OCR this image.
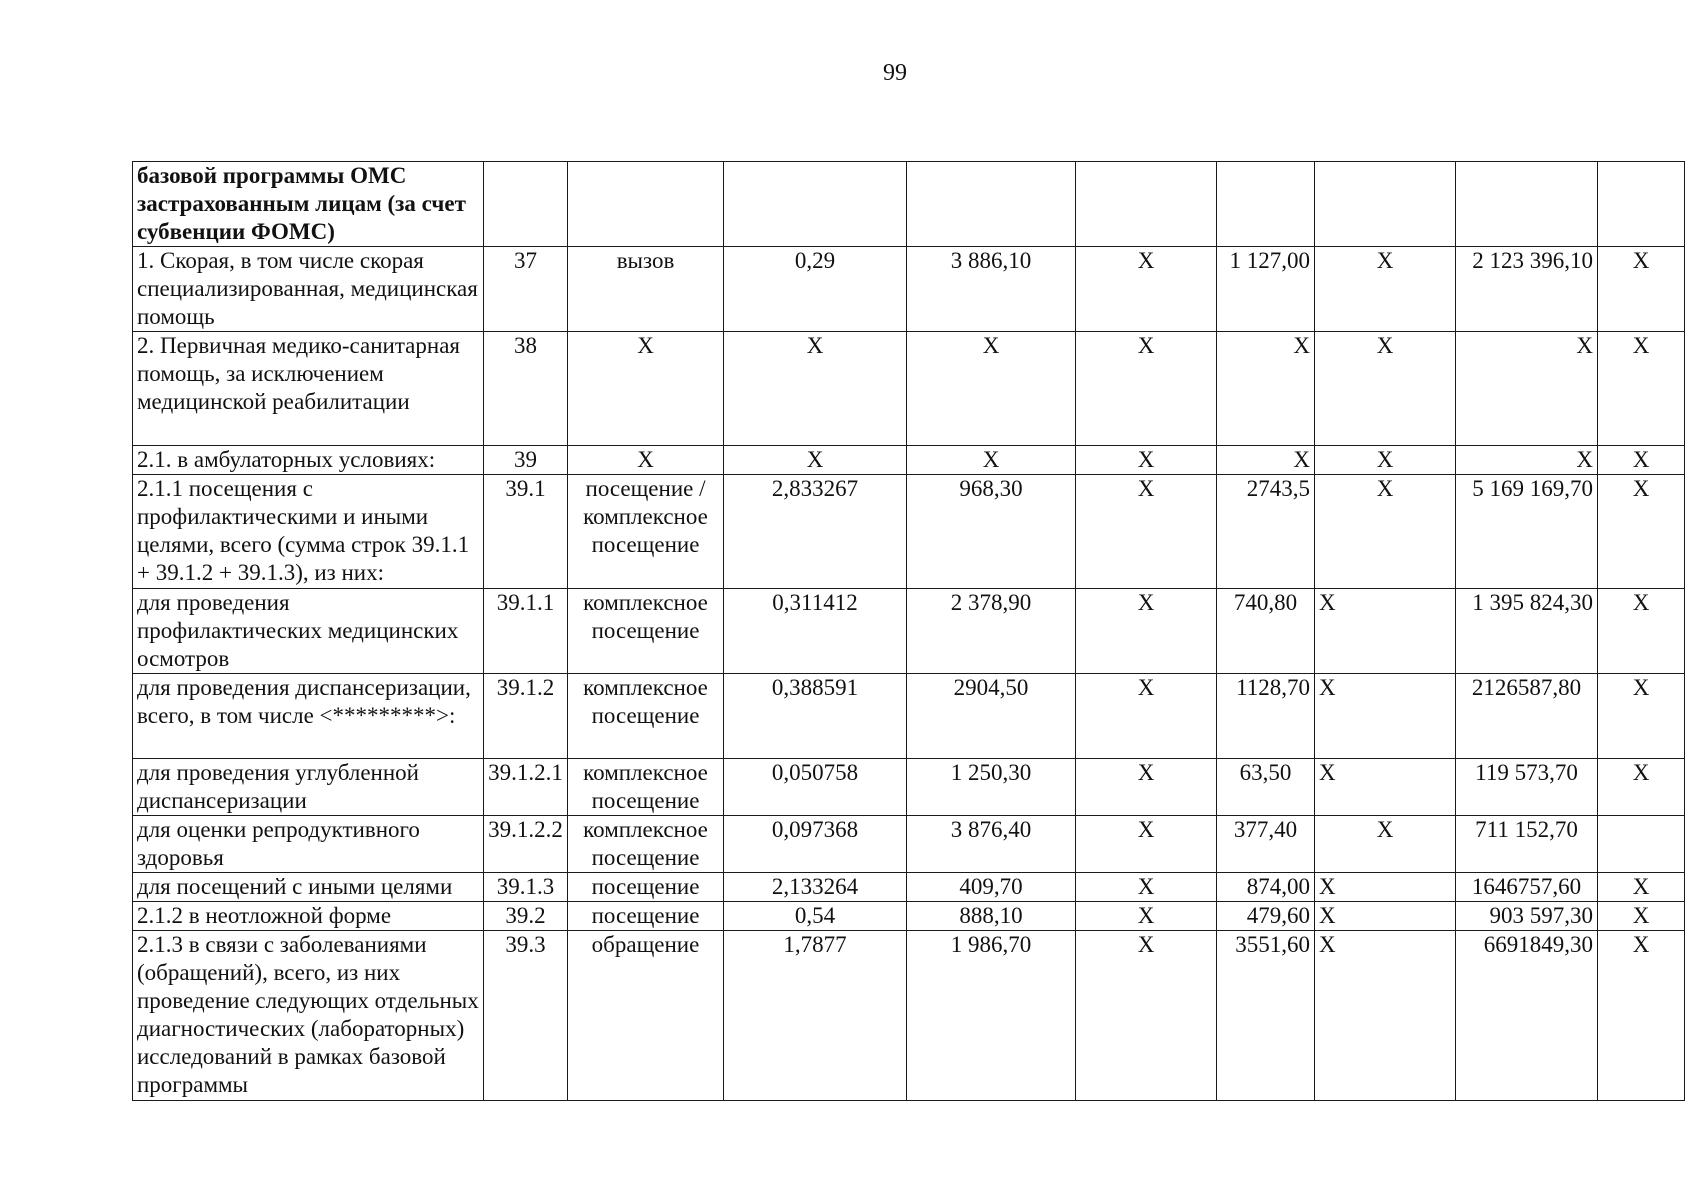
99
базовой программы ОМС застрахованным лицам (за счет субвенции ФОМС)									
1. Скорая, в том числе скорая специализированная, медицинская помощь	37	вызов	0,29	3 886,10	X	1 127,00	X	2 123 396,10	X
2. Первичная медико-санитарная помощь, за исключением медицинской реабилитации	38	X	X	X	X	X	X	X	X
2.1. в амбулаторных условиях:	39	X	X	X	X	X	X	X	X
2.1.1 посещения с профилактическими и иными целями, всего (сумма строк 39.1.1 + 39.1.2 + 39.1.3), из них:	39.1	посещение / комплексное посещение	2,833267	968,30	X	2743,5	X	5 169 169,70	X
для проведения профилактических медицинских осмотров	39.1.1	комплексное посещение	0,311412	2 378,90	X	740,80	X	1 395 824,30	X
для проведения диспансеризации, всего, в том числе <*********>:	39.1.2	комплексное посещение	0,388591	2904,50	X	1128,70	X	2126587,80	X
для проведения углубленной диспансеризации	39.1.2.1	комплексное посещение	0,050758	1 250,30	X	63,50	X	119 573,70	X
для оценки репродуктивного здоровья	39.1.2.2	комплексное посещение	0,097368	3 876,40	X	377,40	X	711 152,70	
для посещений с иными целями	39.1.3	посещение	2,133264	409,70	X	874,00	X	1646757,60	X
2.1.2 в неотложной форме	39.2	посещение	0,54	888,10	X	479,60	X	903 597,30	X
2.1.3 в связи с заболеваниями (обращений), всего, из них проведение следующих отдельных диагностических (лабораторных) исследований в рамках базовой программы	39.3	обращение	1,7877	1 986,70	X	3551,60	X	6691849,30	X
